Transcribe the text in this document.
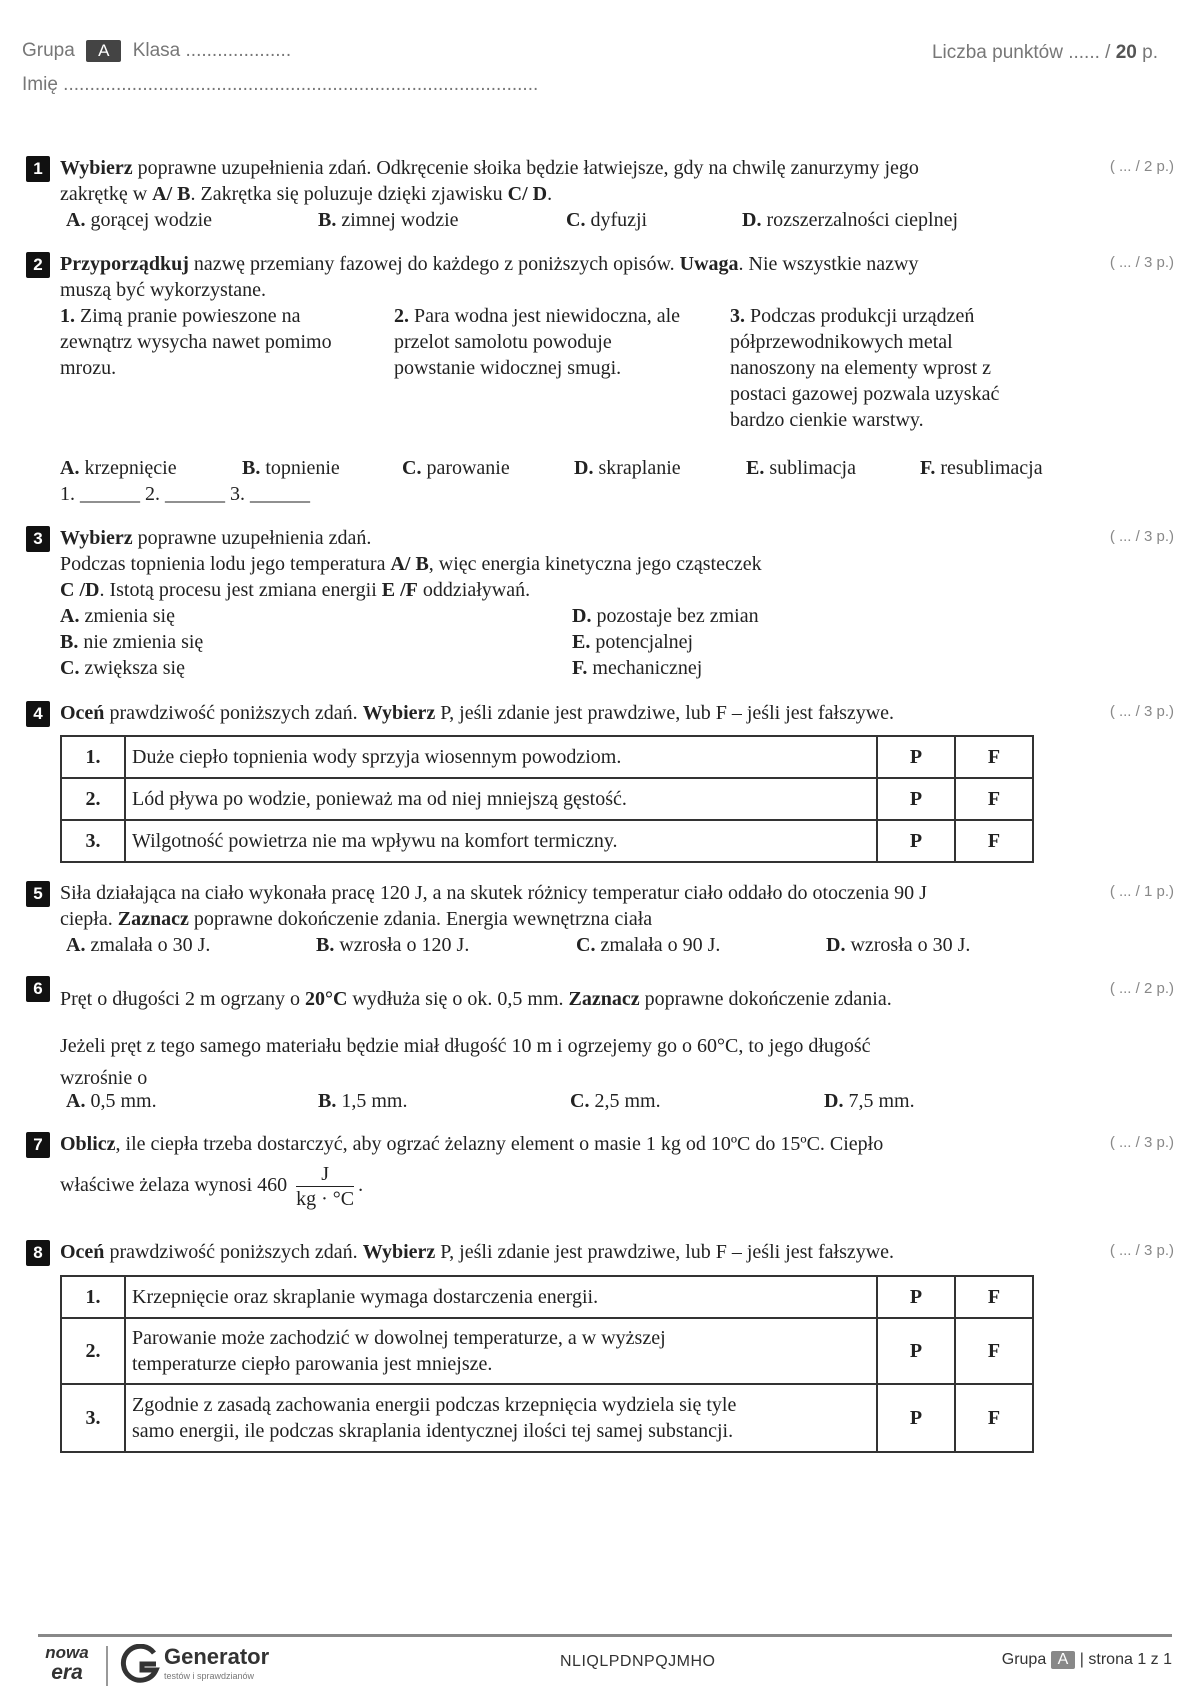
Grupa A Klasa ....................
Imię ..........................................................................................
Liczba punktów ...... / 20 p.
1	( ... / 2 p.)
Wybierz poprawne uzupełnienia zdań. Odkręcenie słoika będzie łatwiejsze, gdy na chwilę zanurzymy jego
zakrętkę w A/ B. Zakrętka się poluzuje dzięki zjawisku C/ D.
A. gorącej wodzie	B. zimnej wodzie	C. dyfuzji	D. rozszerzalności cieplnej
2	( ... / 3 p.)
Przyporządkuj nazwę przemiany fazowej do każdego z poniższych opisów. Uwaga. Nie wszystkie nazwy
muszą być wykorzystane.
1. Zimą pranie powieszone na
zewnątrz wysycha nawet pomimo
mrozu.
2. Para wodna jest niewidoczna, ale
przelot samolotu powoduje
powstanie widocznej smugi.
3. Podczas produkcji urządzeń
półprzewodnikowych metal
nanoszony na elementy wprost z
postaci gazowej pozwala uzyskać
bardzo cienkie warstwy.
A. krzepnięcie	B. topnienie	C. parowanie	D. skraplanie	E. sublimacja	F. resublimacja
1. ______ 2. ______ 3. ______
3	( ... / 3 p.)
Wybierz poprawne uzupełnienia zdań.
Podczas topnienia lodu jego temperatura A/ B, więc energia kinetyczna jego cząsteczek
C /D. Istotą procesu jest zmiana energii E /F oddziaływań.
A. zmienia się
B. nie zmienia się
C. zwiększa się
D. pozostaje bez zmian
E. potencjalnej
F. mechanicznej
4	( ... / 3 p.)
Oceń prawdziwość poniższych zdań. Wybierz P, jeśli zdanie jest prawdziwe, lub F – jeśli jest fałszywe.
1.	Duże ciepło topnienia wody sprzyja wiosennym powodziom.	P	F
2.	Lód pływa po wodzie, ponieważ ma od niej mniejszą gęstość.	P	F
3.	Wilgotność powietrza nie ma wpływu na komfort termiczny.	P	F
5	( ... / 1 p.)
Siła działająca na ciało wykonała pracę 120 J, a na skutek różnicy temperatur ciało oddało do otoczenia 90 J
ciepła. Zaznacz poprawne dokończenie zdania. Energia wewnętrzna ciała
A. zmalała o 30 J.	B. wzrosła o 120 J.	C. zmalała o 90 J.	D. wzrosła o 30 J.
6	( ... / 2 p.)
Pręt o długości 2 m ogrzany o 20°C wydłuża się o ok. 0,5 mm. Zaznacz poprawne dokończenie zdania.
Jeżeli pręt z tego samego materiału będzie miał długość 10 m i ogrzejemy go o 60°C, to jego długość
wzrośnie o
A. 0,5 mm.	B. 1,5 mm.	C. 2,5 mm.	D. 7,5 mm.
7	( ... / 3 p.)
Oblicz, ile ciepła trzeba dostarczyć, aby ogrzać żelazny element o masie 1 kg od 10ºC do 15ºC. Ciepło
właściwe żelaza wynosi $460 \frac{J}{kg \cdot ^\circ C}$ .
8	( ... / 3 p.)
Oceń prawdziwość poniższych zdań. Wybierz P, jeśli zdanie jest prawdziwe, lub F – jeśli jest fałszywe.
1.	Krzepnięcie oraz skraplanie wymaga dostarczenia energii.	P	F
2.	Parowanie może zachodzić w dowolnej temperaturze, a w wyższej
temperaturze ciepło parowania jest mniejsze.	P	F
3.	Zgodnie z zasadą zachowania energii podczas krzepnięcia wydziela się tyle
samo energii, ile podczas skraplania identycznej ilości tej samej substancji.	P	F
nowa
era
Generator
testów i sprawdzianów
NLIQLPDNPQJMHO	Grupa A | strona 1 z 1
